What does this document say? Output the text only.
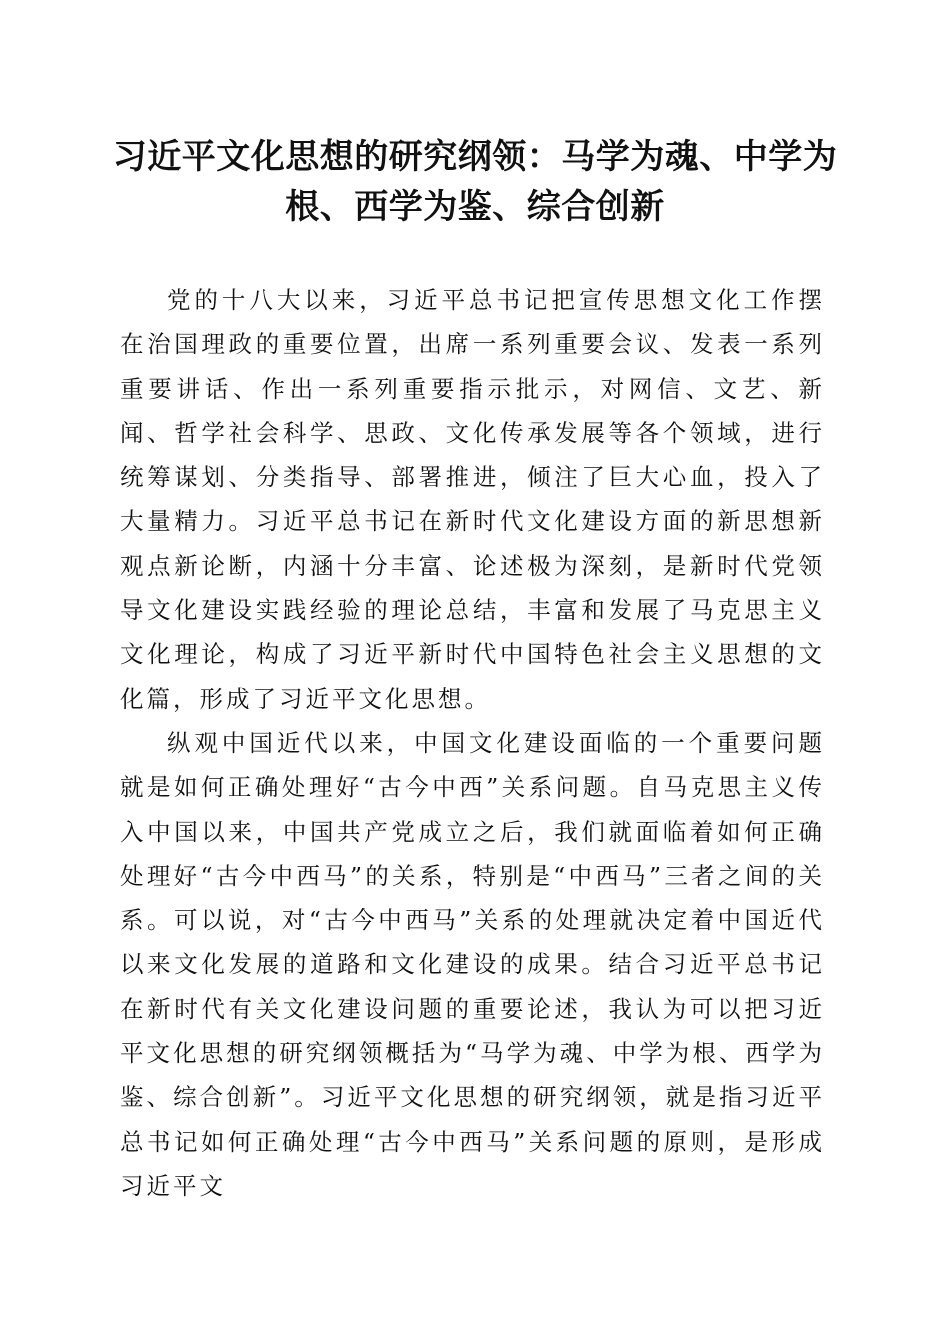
习近平文化思想的研究纲领：马学为魂、中学为根、西学为鉴、综合创新

党的十八大以来，习近平总书记把宣传思想文化工作摆在治国理政的重要位置，出席一系列重要会议、发表一系列重要讲话、作出一系列重要指示批示，对网信、文艺、新闻、哲学社会科学、思政、文化传承发展等各个领域，进行统筹谋划、分类指导、部署推进，倾注了巨大心血，投入了大量精力。习近平总书记在新时代文化建设方面的新思想新观点新论断，内涵十分丰富、论述极为深刻，是新时代党领导文化建设实践经验的理论总结，丰富和发展了马克思主义文化理论，构成了习近平新时代中国特色社会主义思想的文化篇，形成了习近平文化思想。

纵观中国近代以来，中国文化建设面临的一个重要问题就是如何正确处理好“古今中西”关系问题。自马克思主义传入中国以来，中国共产党成立之后，我们就面临着如何正确处理好“古今中西马”的关系，特别是“中西马”三者之间的关系。可以说，对“古今中西马”关系的处理就决定着中国近代以来文化发展的道路和文化建设的成果。结合习近平总书记在新时代有关文化建设问题的重要论述，我认为可以把习近平文化思想的研究纲领概括为“马学为魂、中学为根、西学为鉴、综合创新”。习近平文化思想的研究纲领，就是指习近平总书记如何正确处理“古今中西马”关系问题的原则，是形成习近平文
